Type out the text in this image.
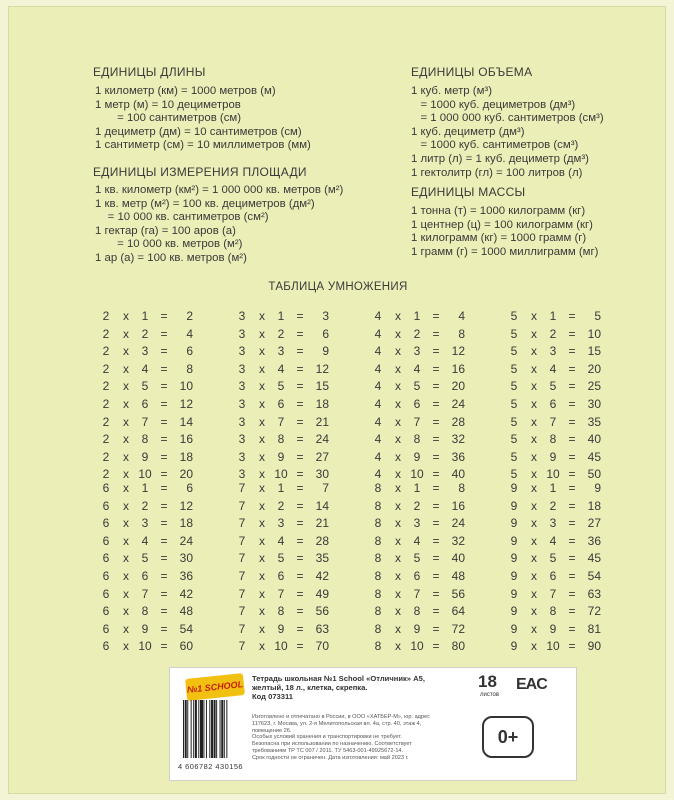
ЕДИНИЦЫ ДЛИНЫ
1 километр (км) = 1000 метров (м)
1 метр (м) = 10 дециметров
= 100 сантиметров (см)
1 дециметр (дм) = 10 сантиметров (см)
1 сантиметр (см) = 10 миллиметров (мм)
ЕДИНИЦЫ ИЗМЕРЕНИЯ ПЛОЩАДИ
1 кв. километр (км²) = 1 000 000 кв. метров (м²)
1 кв. метр (м²) = 100 кв. дециметров (дм²)
= 10 000 кв. сантиметров (см²)
1 гектар (га) = 100 аров (а)
= 10 000 кв. метров (м²)
1 ар (а) = 100 кв. метров (м²)
ЕДИНИЦЫ ОБЪЕМА
1 куб. метр (м³)
= 1000 куб. дециметров (дм³)
= 1 000 000 куб. сантиметров (см³)
1 куб. дециметр (дм³)
= 1000 куб. сантиметров (см³)
1 литр (л) = 1 куб. дециметр (дм³)
1 гектолитр (гл) = 100 литров (л)
ЕДИНИЦЫ МАССЫ
1 тонна (т) = 1000 килограмм (кг)
1 центнер (ц) = 100 килограмм (кг)
1 килограмм (кг) = 1000 грамм (г)
1 грамм (г) = 1000 миллиграмм (мг)
ТАБЛИЦА УМНОЖЕНИЯ
2 x	1	=	2
2 x	2	=	4
2 x	3	=	6
2 x	4	=	8
2 x	5	=	10
2 x	6	=	12
2 x	7	=	14
2 x	8	=	16
2 x	9	=	18
2 x 10 =	20
3 x	1	=	3
3 x	2	=	6
3 x	3	=	9
3 x	4	=	12
3 x	5	=	15
3 x	6	=	18
3 x	7	=	21
3 x	8	=	24
3 x	9	=	27
3 x 10 =	30
4 x	1	=	4
4 x	2	=	8
4 x	3	=	12
4 x	4	=	16
4 x	5	=	20
4 x	6	=	24
4 x	7	=	28
4 x	8	=	32
4 x	9	=	36
4 x 10 =	40
5 x	1	=	5
5 x	2	=	10
5 x	3	=	15
5 x	4	=	20
5 x	5	=	25
5 x	6	=	30
5 x	7	=	35
5 x	8	=	40
5 x	9	=	45
5 x 10 =	50
6 x	1	=	6
6 x	2	=	12
6 x	3	=	18
6 x	4	=	24
6 x	5	=	30
6 x	6	=	36
6 x	7	=	42
6 x	8	=	48
6 x	9	=	54
6 x 10 =	60
7 x	1	=	7
7 x	2	=	14
7 x	3	=	21
7 x	4	=	28
7 x	5	=	35
7 x	6	=	42
7 x	7	=	49
7 x	8	=	56
7 x	9	=	63
7 x 10 =	70
8 x	1	=	8
8 x	2	=	16
8 x	3	=	24
8 x	4	=	32
8 x	5	=	40
8 x	6	=	48
8 x	7	=	56
8 x	8	=	64
8 x	9	=	72
8 x 10 =	80
9 x	1	=	9
9 x	2	=	18
9 x	3	=	27
9 x	4	=	36
9 x	5	=	45
9 x	6	=	54
9 x	7	=	63
9 x	8	=	72
9 x	9	=	81
9 x 10 =	90
№1 SCHOOL
4 606782 430156
Тетрадь школьная №1 School «Отличник» А5,
желтый, 18 л., клетка, скрепка.
Код 073311
Изготовлено и отпечатано в России, в ООО «ХАТБЕР-М», юр. адрес
117623, г. Москва, ул. 2-я Мелитопольская вл. 4а, стр. 40, этаж 4,
помещение 26.
Особых условий хранения и транспортировки не требует.
Безопасна при использовании по назначению. Соответствует
требованиям ТР ТС 007 / 2011. ТУ 5463-001-49925672-14.
Срок годности не ограничен. Дата изготовления: май 2023 г.
18
листов
EAC
0+
